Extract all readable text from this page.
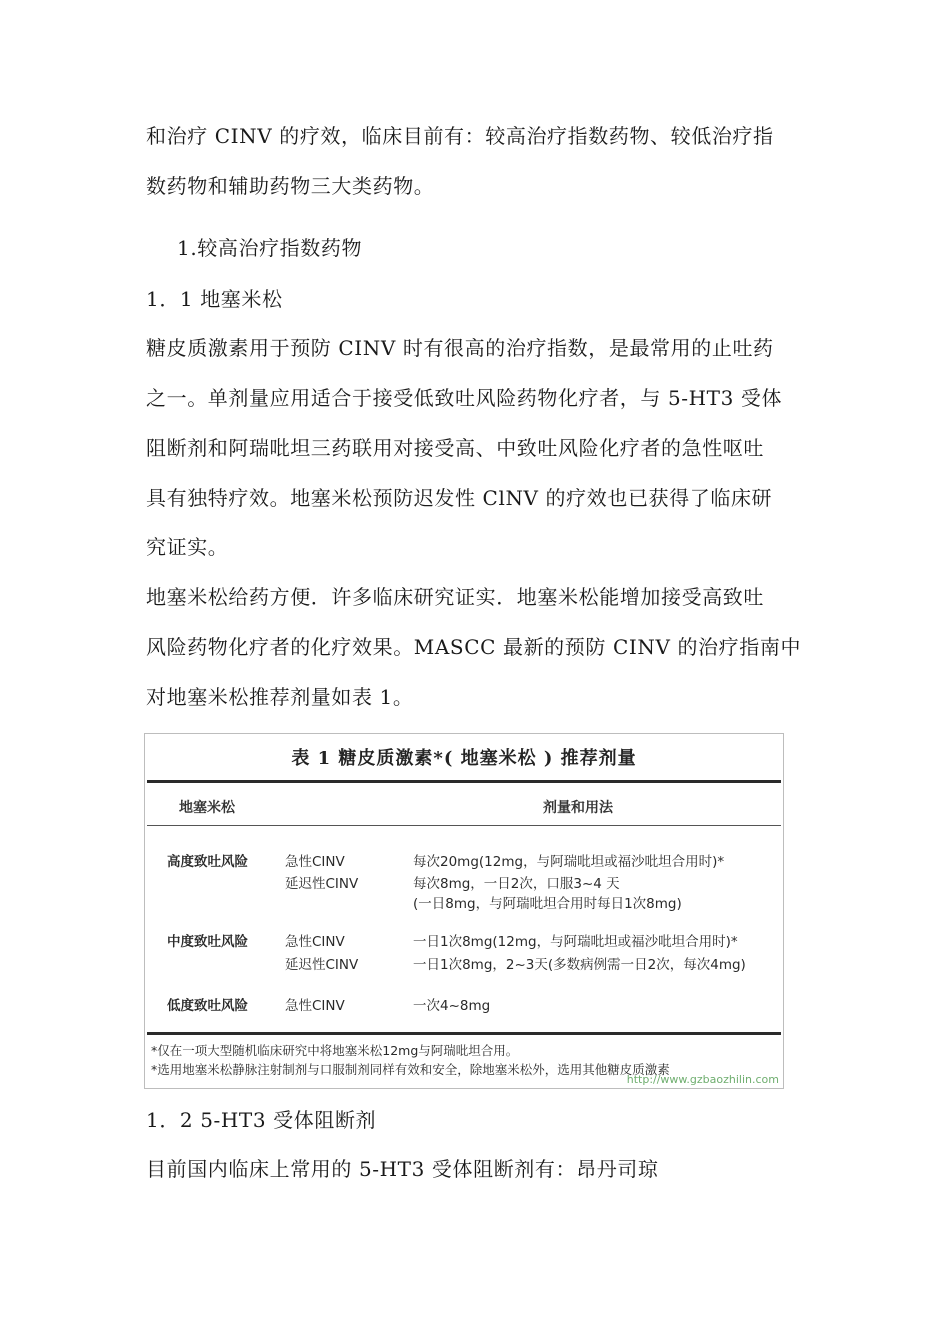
和治疗 CINV 的疗效，临床目前有：较高治疗指数药物、较低治疗指
数药物和辅助药物三大类药物。
1.较高治疗指数药物
1．1 地塞米松
糖皮质激素用于预防 CINV 时有很高的治疗指数，是最常用的止吐药
之一。单剂量应用适合于接受低致吐风险药物化疗者，与 5-HT3 受体
阻断剂和阿瑞吡坦三药联用对接受高、中致吐风险化疗者的急性呕吐
具有独特疗效。地塞米松预防迟发性 ClNV 的疗效也已获得了临床研
究证实。
地塞米松给药方便．许多临床研究证实．地塞米松能增加接受高致吐
风险药物化疗者的化疗效果。MASCC 最新的预防 CINV 的治疗指南中
对地塞米松推荐剂量如表 1。
表 1 糖皮质激素*( 地塞米松 ) 推荐剂量
地塞米松	剂量和用法
高度致吐风险	急性CINV	每次20mg(12mg，与阿瑞吡坦或福沙吡坦合用时)*
延迟性CINV	每次8mg，一日2次，口服3~4 天
(一日8mg，与阿瑞吡坦合用时每日1次8mg)
中度致吐风险	急性CINV	一日1次8mg(12mg，与阿瑞吡坦或福沙吡坦合用时)*
延迟性CINV	一日1次8mg，2~3天(多数病例需一日2次，每次4mg)
低度致吐风险	急性CINV	一次4~8mg
*仅在一项大型随机临床研究中将地塞米松12mg与阿瑞吡坦合用。
*选用地塞米松静脉注射制剂与口服制剂同样有效和安全，除地塞米松外，选用其他糖皮质激素
http://www.gzbaozhilin.com
1．2 5-HT3 受体阻断剂
目前国内临床上常用的 5-HT3 受体阻断剂有：昂丹司琼
